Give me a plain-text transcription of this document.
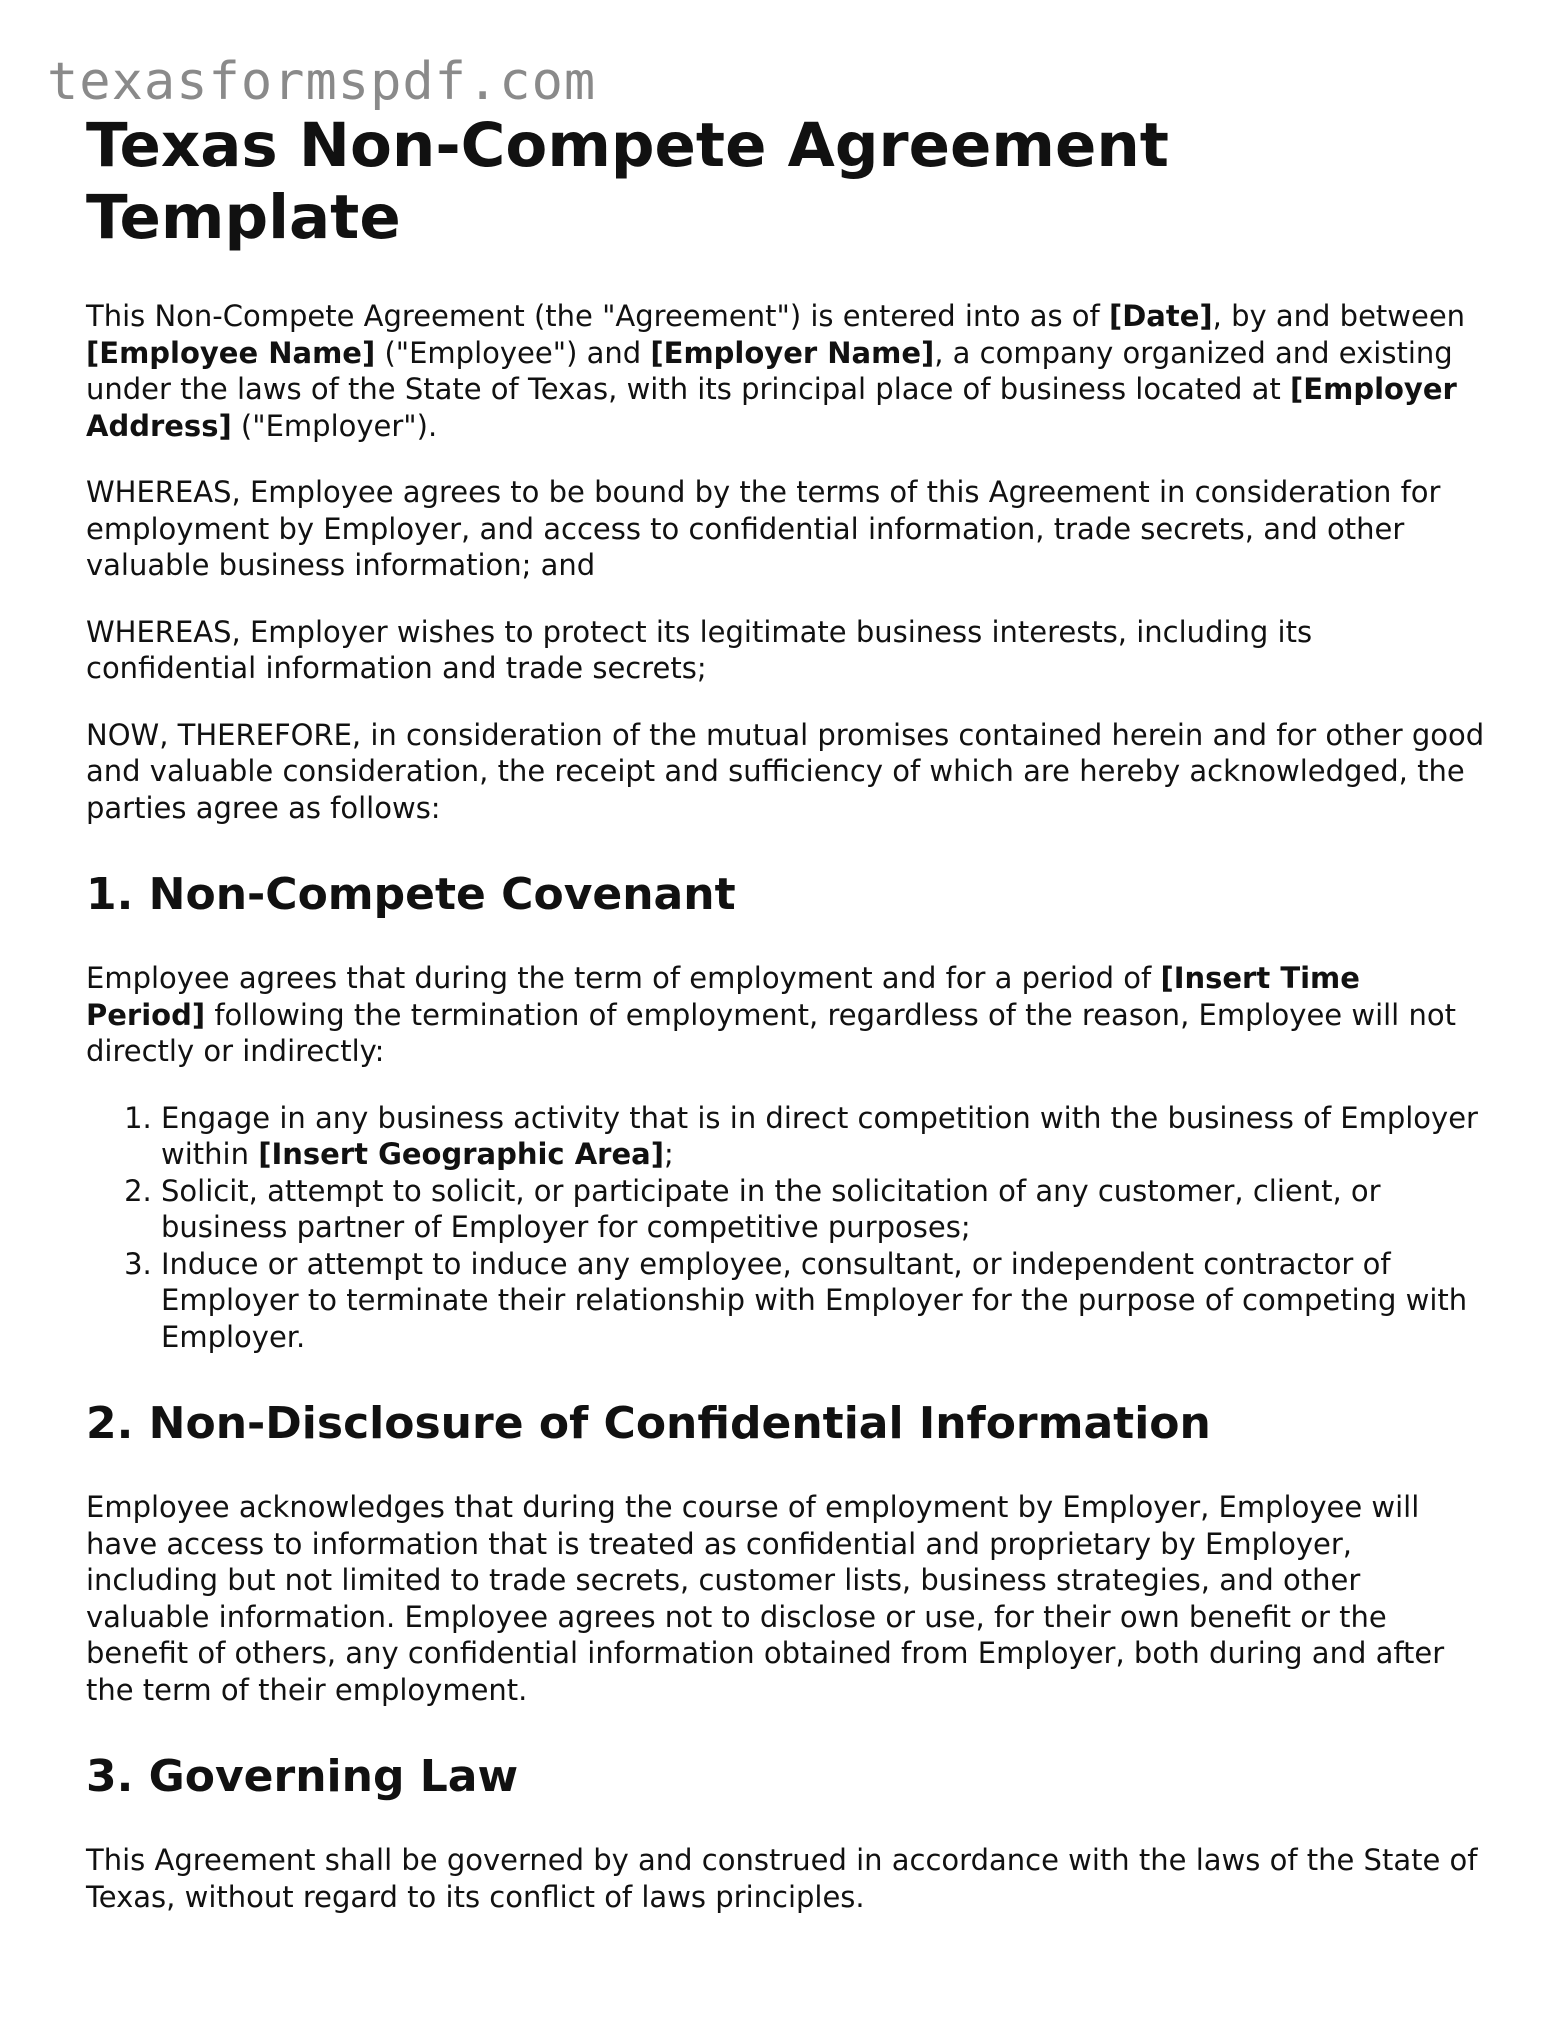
texasformspdf.com
Texas Non-Compete Agreement Template

This Non-Compete Agreement (the "Agreement") is entered into as of [Date], by and between [Employee Name] ("Employee") and [Employer Name], a company organized and existing under the laws of the State of Texas, with its principal place of business located at [Employer Address] ("Employer").

WHEREAS, Employee agrees to be bound by the terms of this Agreement in consideration for employment by Employer, and access to confidential information, trade secrets, and other valuable business information; and

WHEREAS, Employer wishes to protect its legitimate business interests, including its confidential information and trade secrets;

NOW, THEREFORE, in consideration of the mutual promises contained herein and for other good and valuable consideration, the receipt and sufficiency of which are hereby acknowledged, the parties agree as follows:

1. Non-Compete Covenant

Employee agrees that during the term of employment and for a period of [Insert Time Period] following the termination of employment, regardless of the reason, Employee will not directly or indirectly:

1. Engage in any business activity that is in direct competition with the business of Employer within [Insert Geographic Area];
2. Solicit, attempt to solicit, or participate in the solicitation of any customer, client, or business partner of Employer for competitive purposes;
3. Induce or attempt to induce any employee, consultant, or independent contractor of Employer to terminate their relationship with Employer for the purpose of competing with Employer.
2. Non-Disclosure of Confidential Information

Employee acknowledges that during the course of employment by Employer, Employee will have access to information that is treated as confidential and proprietary by Employer, including but not limited to trade secrets, customer lists, business strategies, and other valuable information. Employee agrees not to disclose or use, for their own benefit or the benefit of others, any confidential information obtained from Employer, both during and after the term of their employment.

3. Governing Law

This Agreement shall be governed by and construed in accordance with the laws of the State of Texas, without regard to its conflict of laws principles.
